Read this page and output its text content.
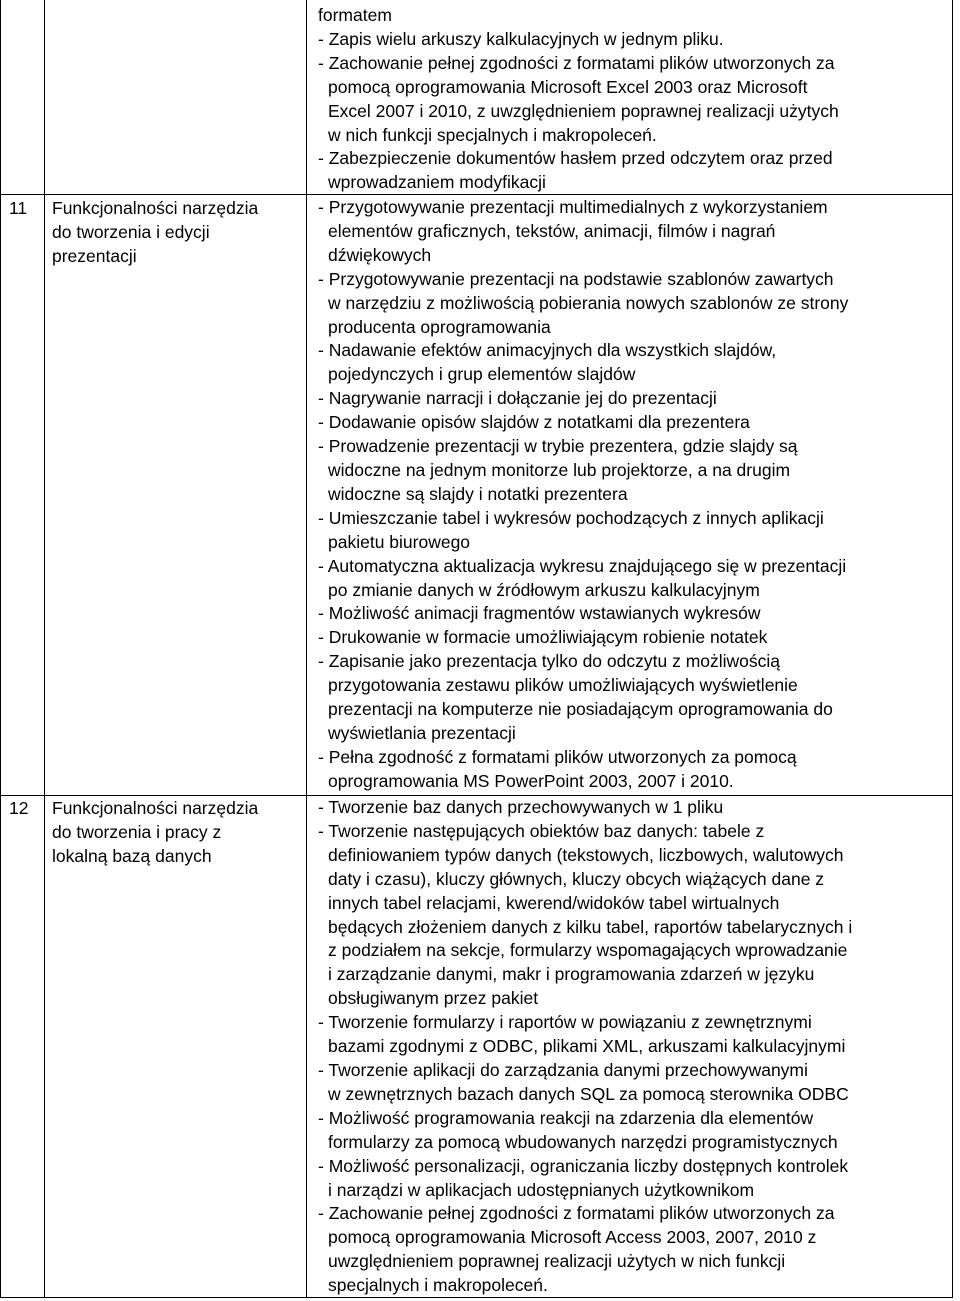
formatem
- Zapis wielu arkuszy kalkulacyjnych w jednym pliku.
- Zachowanie pełnej zgodności z formatami plików utworzonych za
pomocą oprogramowania Microsoft Excel 2003 oraz Microsoft
Excel 2007 i 2010, z uwzględnieniem poprawnej realizacji użytych
w nich funkcji specjalnych i makropoleceń.
- Zabezpieczenie dokumentów hasłem przed odczytem oraz przed
wprowadzaniem modyfikacji
11	Funkcjonalności narzędzia
do tworzenia i edycji
prezentacji
- Przygotowywanie prezentacji multimedialnych z wykorzystaniem
elementów graficznych, tekstów, animacji, filmów i nagrań
dźwiękowych
- Przygotowywanie prezentacji na podstawie szablonów zawartych
w narzędziu z możliwością pobierania nowych szablonów ze strony
producenta oprogramowania
- Nadawanie efektów animacyjnych dla wszystkich slajdów,
pojedynczych i grup elementów slajdów
- Nagrywanie narracji i dołączanie jej do prezentacji
- Dodawanie opisów slajdów z notatkami dla prezentera
- Prowadzenie prezentacji w trybie prezentera, gdzie slajdy są
widoczne na jednym monitorze lub projektorze, a na drugim
widoczne są slajdy i notatki prezentera
- Umieszczanie tabel i wykresów pochodzących z innych aplikacji
pakietu biurowego
- Automatyczna aktualizacja wykresu znajdującego się w prezentacji
po zmianie danych w źródłowym arkuszu kalkulacyjnym
- Możliwość animacji fragmentów wstawianych wykresów
- Drukowanie w formacie umożliwiającym robienie notatek
- Zapisanie jako prezentacja tylko do odczytu z możliwością
przygotowania zestawu plików umożliwiających wyświetlenie
prezentacji na komputerze nie posiadającym oprogramowania do
wyświetlania prezentacji
- Pełna zgodność z formatami plików utworzonych za pomocą
oprogramowania MS PowerPoint 2003, 2007 i 2010.
12	Funkcjonalności narzędzia
do tworzenia i pracy z
lokalną bazą danych
- Tworzenie baz danych przechowywanych w 1 pliku
- Tworzenie następujących obiektów baz danych: tabele z
definiowaniem typów danych (tekstowych, liczbowych, walutowych
daty i czasu), kluczy głównych, kluczy obcych wiążących dane z
innych tabel relacjami, kwerend/widoków tabel wirtualnych
będących złożeniem danych z kilku tabel, raportów tabelarycznych i
z podziałem na sekcje, formularzy wspomagających wprowadzanie
i zarządzanie danymi, makr i programowania zdarzeń w języku
obsługiwanym przez pakiet
- Tworzenie formularzy i raportów w powiązaniu z zewnętrznymi
bazami zgodnymi z ODBC, plikami XML, arkuszami kalkulacyjnymi
- Tworzenie aplikacji do zarządzania danymi przechowywanymi
w zewnętrznych bazach danych SQL za pomocą sterownika ODBC
- Możliwość programowania reakcji na zdarzenia dla elementów
formularzy za pomocą wbudowanych narzędzi programistycznych
- Możliwość personalizacji, ograniczania liczby dostępnych kontrolek
i narządzi w aplikacjach udostępnianych użytkownikom
- Zachowanie pełnej zgodności z formatami plików utworzonych za
pomocą oprogramowania Microsoft Access 2003, 2007, 2010 z
uwzględnieniem poprawnej realizacji użytych w nich funkcji
specjalnych i makropoleceń.
